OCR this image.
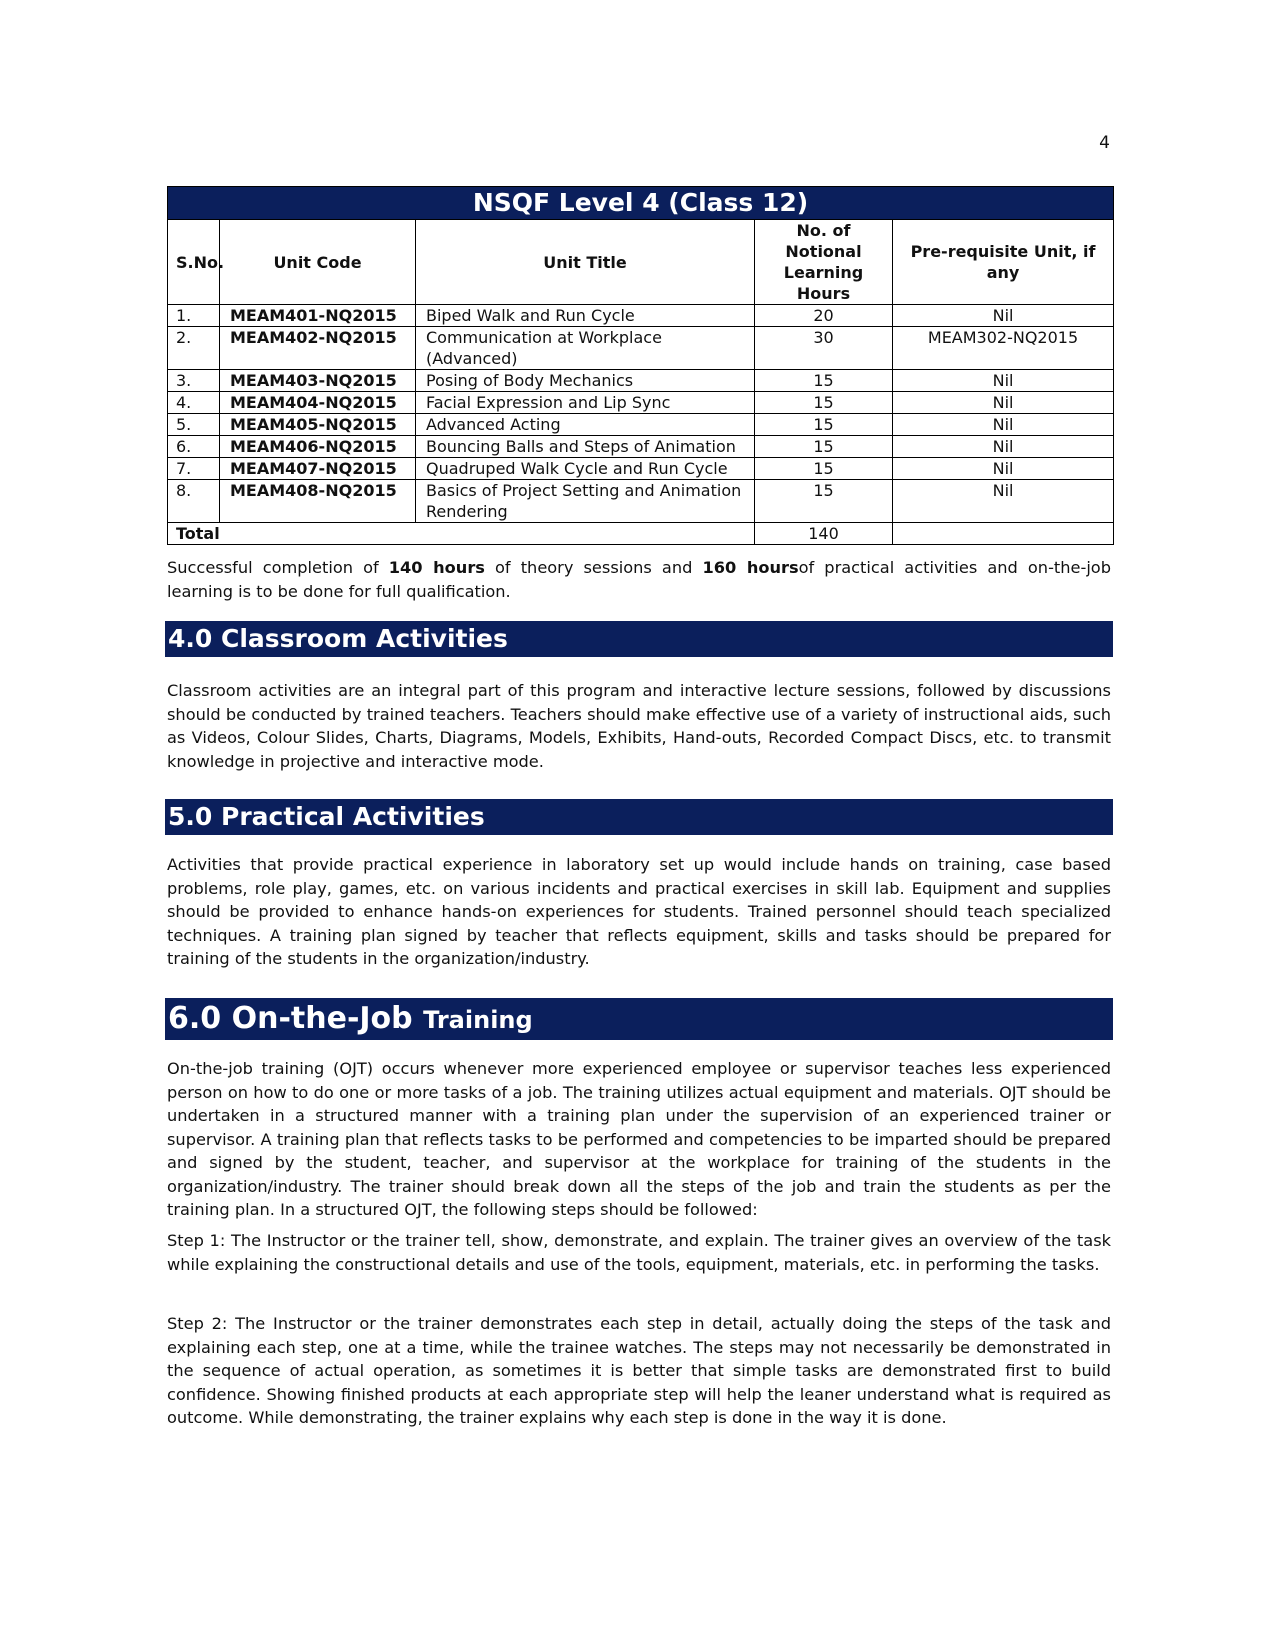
4
NSQF Level 4 (Class 12)				
S.No.	Unit Code	Unit Title	No. of Notional Learning Hours	Pre-requisite Unit, if any
1.	MEAM401-NQ2015	Biped Walk and Run Cycle	20	Nil
2.	MEAM402-NQ2015	Communication at Workplace (Advanced)	30	MEAM302-NQ2015
3.	MEAM403-NQ2015	Posing of Body Mechanics	15	Nil
4.	MEAM404-NQ2015	Facial Expression and Lip Sync	15	Nil
5.	MEAM405-NQ2015	Advanced Acting	15	Nil
6.	MEAM406-NQ2015	Bouncing Balls and Steps of Animation	15	Nil
7.	MEAM407-NQ2015	Quadruped Walk Cycle and Run Cycle	15	Nil
8.	MEAM408-NQ2015	Basics of Project Setting and Animation Rendering	15	Nil
Total			140	
Successful completion of 140 hours of theory sessions and 160 hoursof practical activities and on-the-job learning is to be done for full qualification.
4.0 Classroom Activities
Classroom activities are an integral part of this program and interactive lecture sessions, followed by discussions should be conducted by trained teachers. Teachers should make effective use of a variety of instructional aids, such as Videos, Colour Slides, Charts, Diagrams, Models, Exhibits, Hand-outs, Recorded Compact Discs, etc. to transmit knowledge in projective and interactive mode.
5.0 Practical Activities
Activities that provide practical experience in laboratory set up would include hands on training, case based problems, role play, games, etc. on various incidents and practical exercises in skill lab. Equipment and supplies should be provided to enhance hands-on experiences for students. Trained personnel should teach specialized techniques. A training plan signed by teacher that reflects equipment, skills and tasks should be prepared for training of the students in the organization/industry.
6.0 On-the-Job Training
On-the-job training (OJT) occurs whenever more experienced employee or supervisor teaches less experienced person on how to do one or more tasks of a job. The training utilizes actual equipment and materials. OJT should be undertaken in a structured manner with a training plan under the supervision of an experienced trainer or supervisor. A training plan that reflects tasks to be performed and competencies to be imparted should be prepared and signed by the student, teacher, and supervisor at the workplace for training of the students in the organization/industry. The trainer should break down all the steps of the job and train the students as per the training plan. In a structured OJT, the following steps should be followed:
Step 1: The Instructor or the trainer tell, show, demonstrate, and explain. The trainer gives an overview of the task while explaining the constructional details and use of the tools, equipment, materials, etc. in performing the tasks.
Step 2: The Instructor or the trainer demonstrates each step in detail, actually doing the steps of the task and explaining each step, one at a time, while the trainee watches. The steps may not necessarily be demonstrated in the sequence of actual operation, as sometimes it is better that simple tasks are demonstrated first to build confidence. Showing finished products at each appropriate step will help the leaner understand what is required as outcome. While demonstrating, the trainer explains why each step is done in the way it is done.
